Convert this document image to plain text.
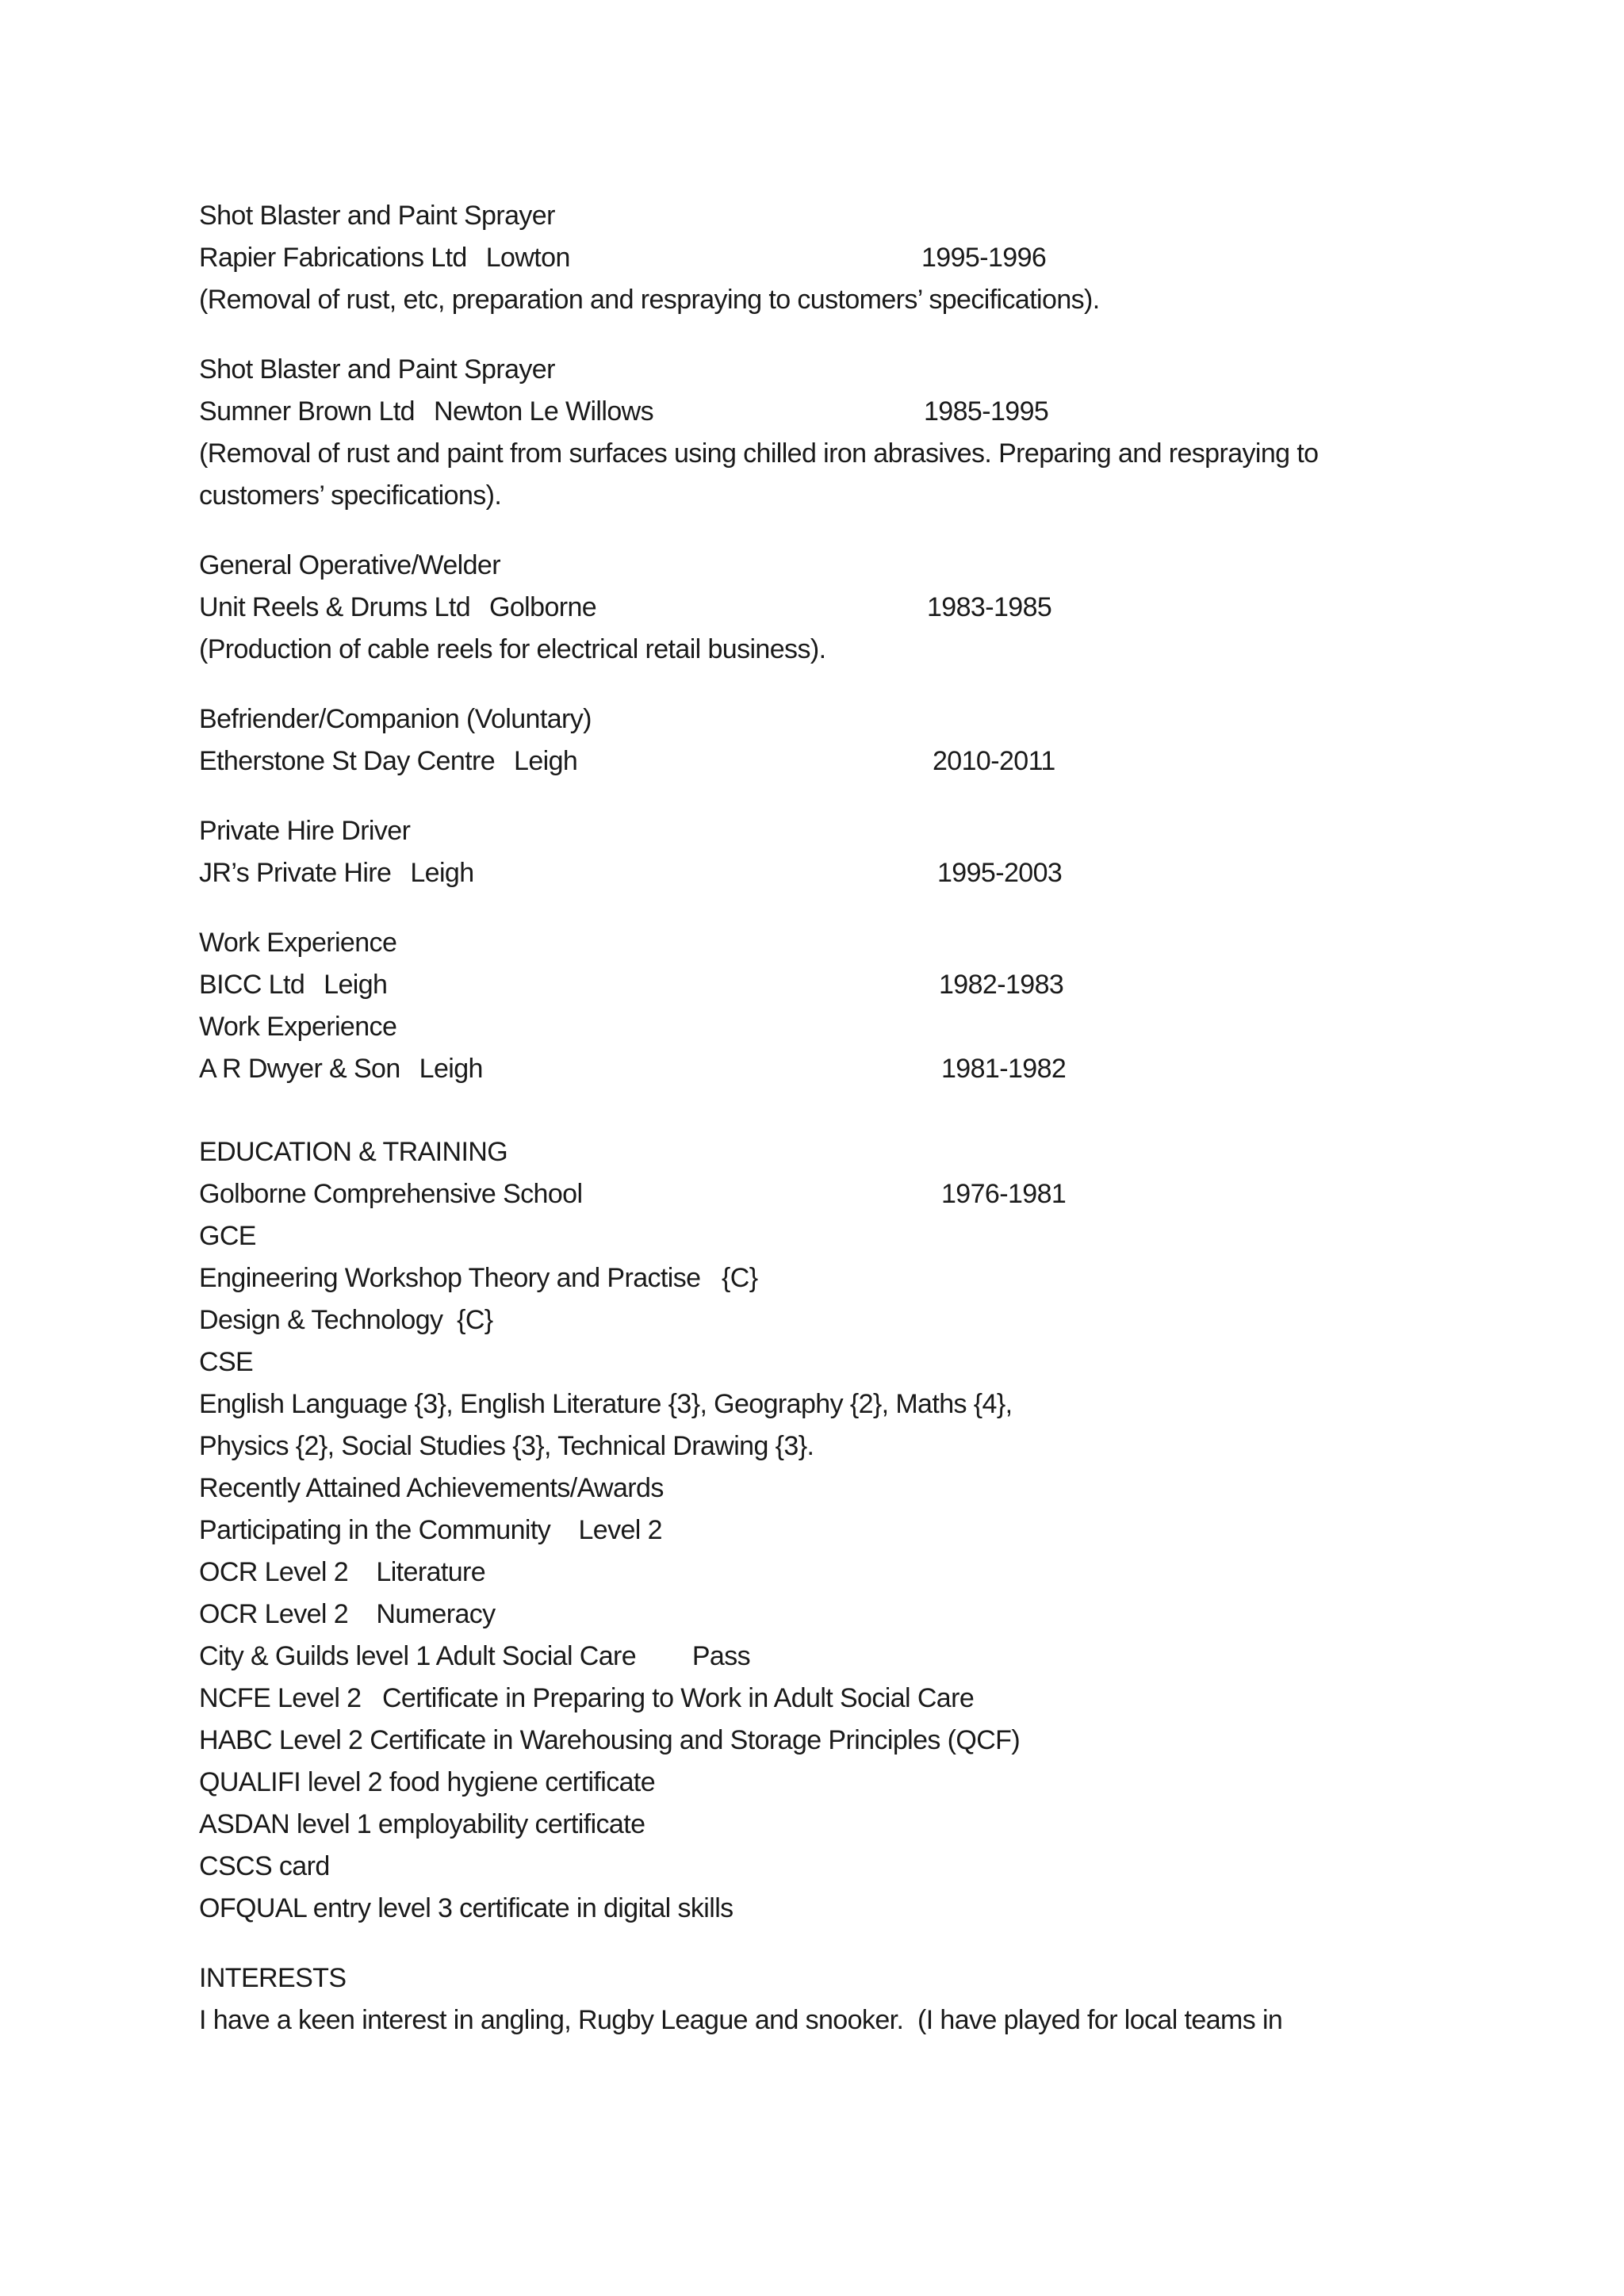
Shot Blaster and Paint Sprayer
Rapier Fabrications Ltd Lowton	1995-1996
(Removal of rust, etc, preparation and respraying to customers’ specifications).
Shot Blaster and Paint Sprayer
Sumner Brown Ltd Newton Le Willows	1985-1995
(Removal of rust and paint from surfaces using chilled iron abrasives. Preparing and respraying to customers’ specifications).
General Operative/Welder
Unit Reels & Drums Ltd Golborne	1983-1985
(Production of cable reels for electrical retail business).
Befriender/Companion (Voluntary)
Etherstone St Day Centre Leigh	2010-2011
Private Hire Driver
JR’s Private Hire Leigh	1995-2003
Work Experience
BICC Ltd Leigh	1982-1983
Work Experience
A R Dwyer & Son Leigh	1981-1982
EDUCATION & TRAINING
Golborne Comprehensive School	1976-1981
GCE
Engineering Workshop Theory and Practise   {C}
Design & Technology  {C}
CSE
English Language {3}, English Literature {3}, Geography {2}, Maths {4},
Physics {2}, Social Studies {3}, Technical Drawing {3}.
Recently Attained Achievements/Awards
Participating in the Community    Level 2
OCR Level 2    Literature
OCR Level 2    Numeracy
City & Guilds level 1 Adult Social Care        Pass
NCFE Level 2   Certificate in Preparing to Work in Adult Social Care
HABC Level 2 Certificate in Warehousing and Storage Principles (QCF)
QUALIFI level 2 food hygiene certificate
ASDAN level 1 employability certificate
CSCS card
OFQUAL entry level 3 certificate in digital skills
INTERESTS
I have a keen interest in angling, Rugby League and snooker.  (I have played for local teams in
